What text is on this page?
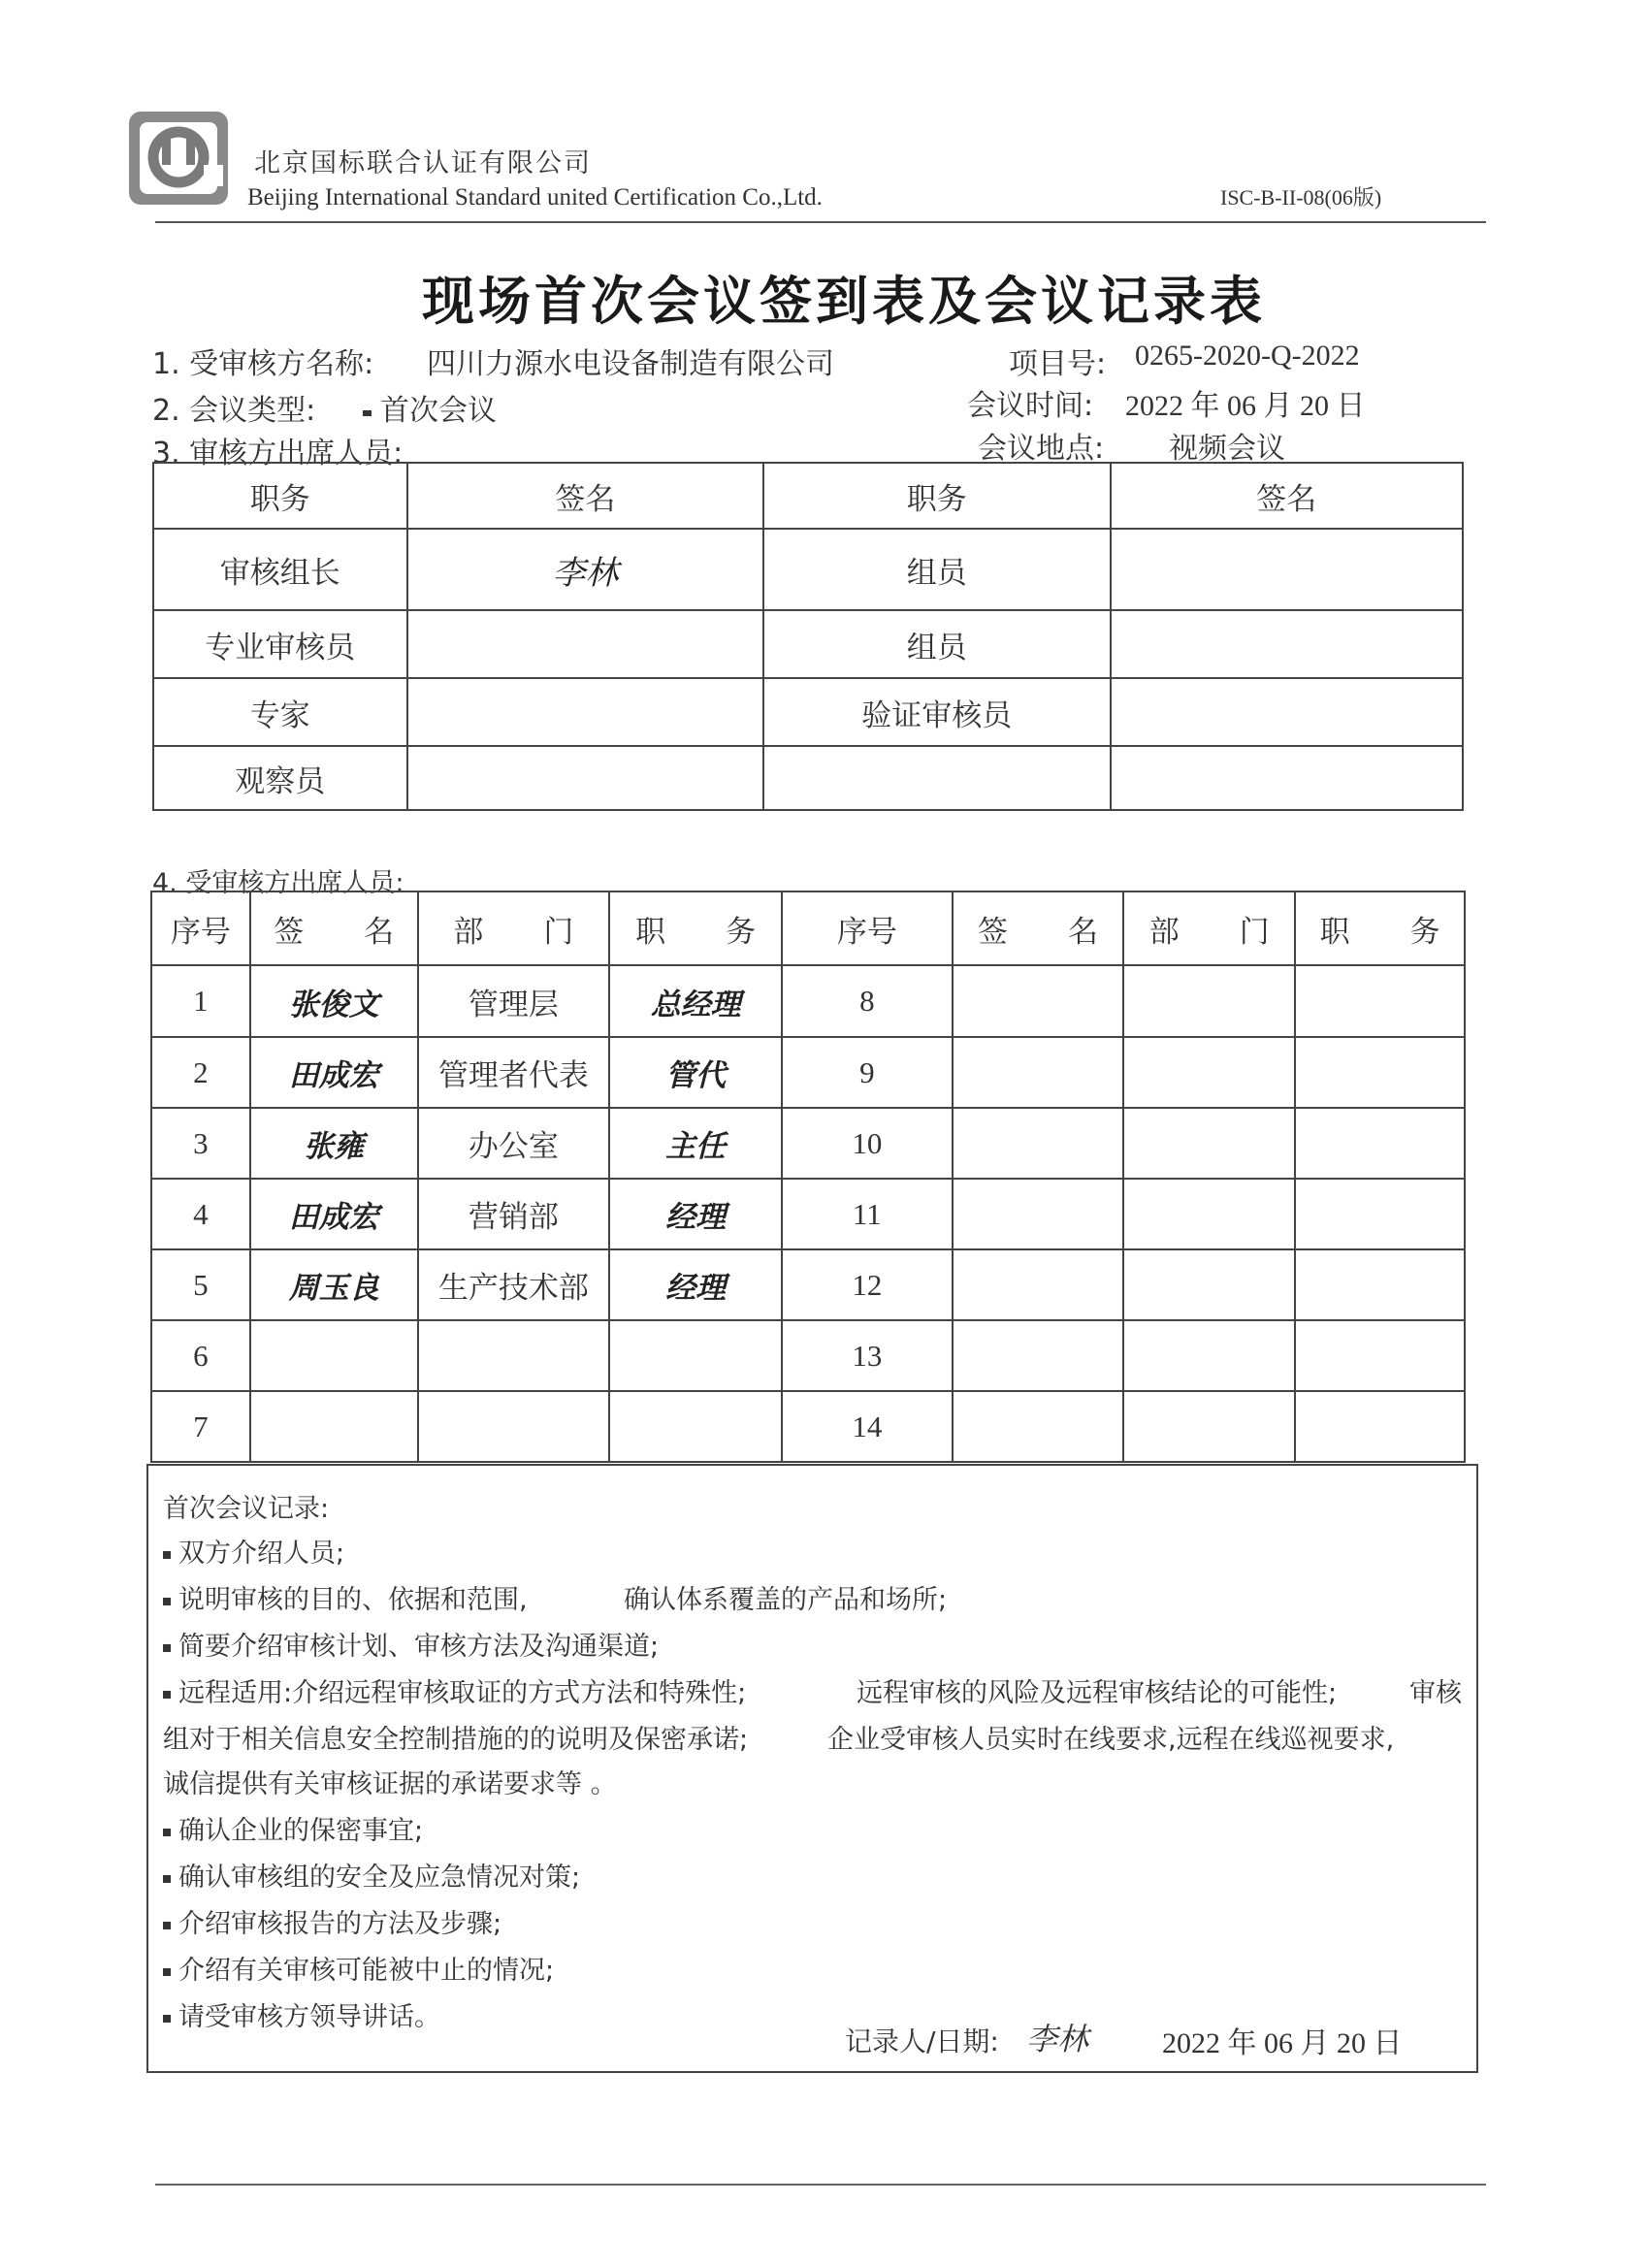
北京国标联合认证有限公司
Beijing International Standard united Certification Co.,Ltd.	ISC-B-II-08(06版)
现场首次会议签到表及会议记录表
1. 受审核方名称: 四川力源水电设备制造有限公司	项目号: 0265-2020-Q-2022
2. 会议类型: 首次会议	会议时间: 2022 年 06 月 20 日
3. 审核方出席人员:	会议地点: 视频会议
职务	签名	职务	签名
审核组长	李林	组员	
专业审核员		组员	
专家		验证审核员	
观察员			
4. 受审核方出席人员:
序号	签　　名	部　　门	职　　务	序号	签　　名	部　　门	职　　务
1	张俊文	管理层	总经理	8			
2	田成宏	管理者代表	管代	9			
3	张雍	办公室	主任	10			
4	田成宏	营销部	经理	11			
5	周玉良	生产技术部	经理	12			
6				13			
7				14			
首次会议记录:
双方介绍人员;
说明审核的目的、依据和范围,	确认体系覆盖的产品和场所;
简要介绍审核计划、审核方法及沟通渠道;
远程适用:介绍远程审核取证的方式方法和特殊性;	远程审核的风险及远程审核结论的可能性;	审核
组对于相关信息安全控制措施的的说明及保密承诺;	企业受审核人员实时在线要求,远程在线巡视要求,
诚信提供有关审核证据的承诺要求等 。
确认企业的保密事宜;
确认审核组的安全及应急情况对策;
介绍审核报告的方法及步骤;
介绍有关审核可能被中止的情况;
请受审核方领导讲话。
记录人/日期: 李林	2022 年 06 月 20 日
